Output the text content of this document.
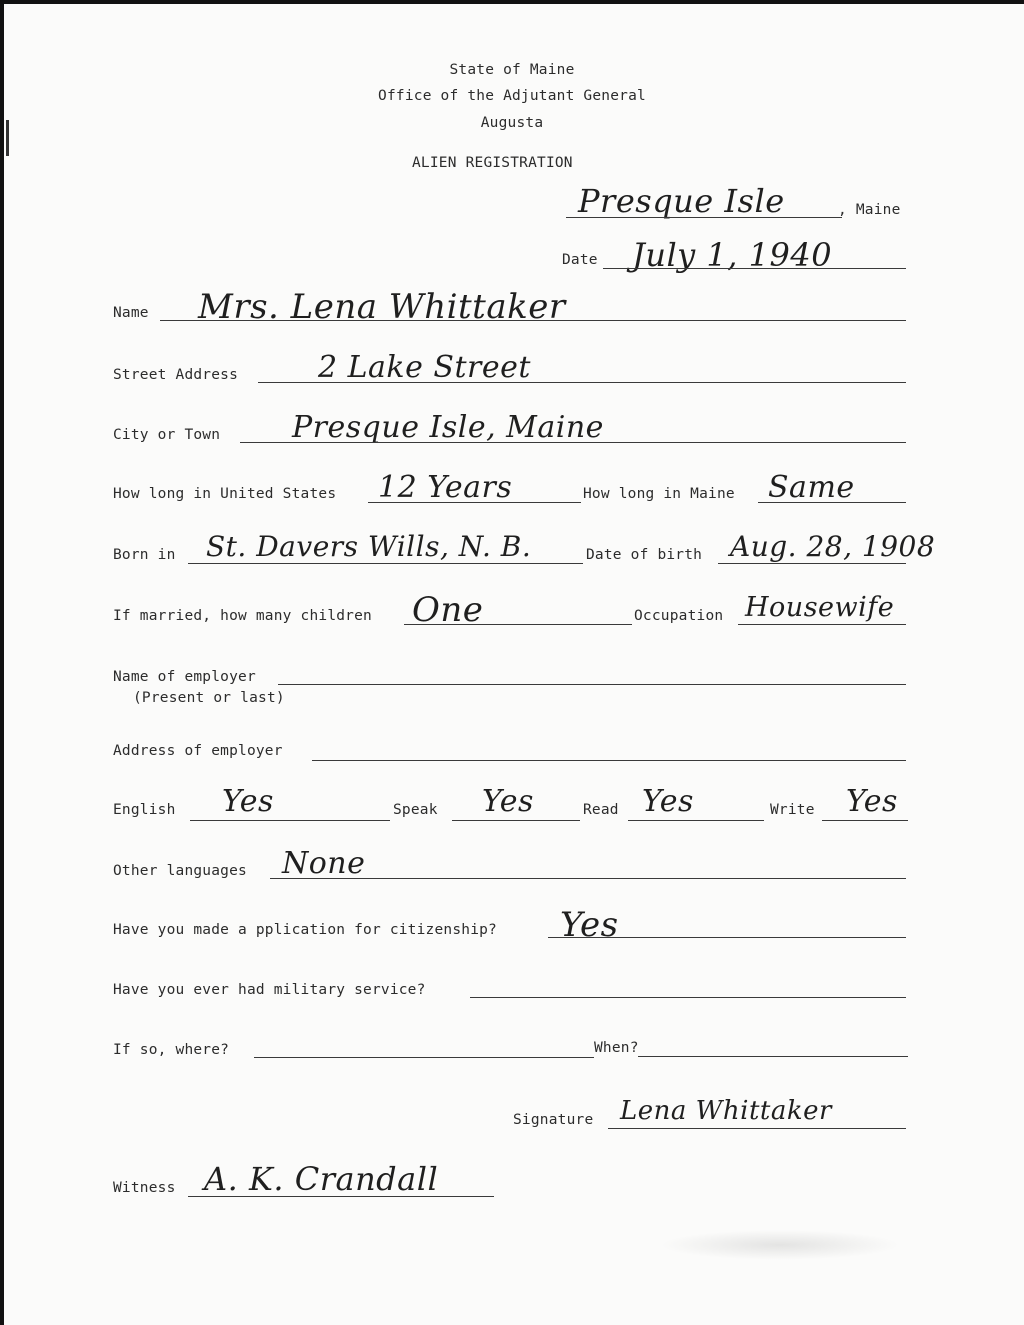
State of Maine
Office of the Adjutant General
Augusta
ALIEN REGISTRATION
Presque Isle	, Maine
Date July 1, 1940
Name Mrs. Lena Whittaker
Street Address	2 Lake Street
City or Town Presque Isle, Maine
How long in United States 12 Years	How long in Maine Same
Born in St. Davers Wills, N. B.	Date of birth Aug. 28, 1908
If married, how many children One	Occupation Housewife
Name of employer
(Present or last)
Address of employer
English Yes	Speak Yes	Read Yes	Write Yes
Other languages None
Have you made a pplication for citizenship? Yes
Have you ever had military service?
If so, where?	When?
Signature Lena Whittaker
Witness A. K. Crandall
